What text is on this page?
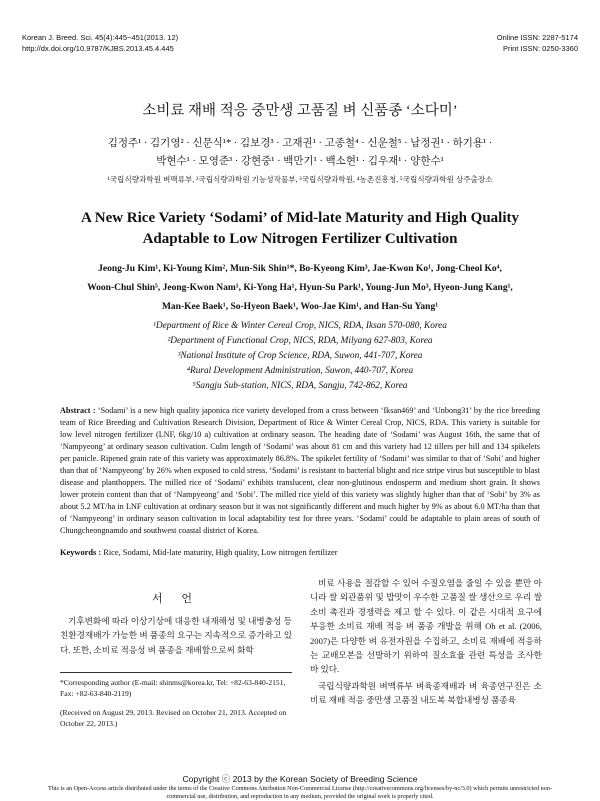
Korean J. Breed. Sci. 45(4):445~451(2013. 12)
http://dx.doi.org/10.9787/KJBS.2013.45.4.445
Online ISSN: 2287-5174
Print ISSN: 0250-3360
소비료 재배 적응 중만생 고품질 벼 신품종 ‘소다미’
김정주¹ · 김기영² · 신문식¹* · 김보경³ · 고재권¹ · 고종철⁴ · 신운철⁵ · 남정권¹ · 하기용¹ ·
박현수¹ · 모영준³ · 강현중¹ · 백만기¹ · 백소현¹ · 김우재¹ · 양한수¹
¹국립식량과학원 벼맥류부, ²국립식량과학원 기능성작물부, ³국립식량과학원, ⁴농촌진흥청, ⁵국립식량과학원 상주출장소
A New Rice Variety ‘Sodami’ of Mid-late Maturity and High Quality
Adaptable to Low Nitrogen Fertilizer Cultivation
Jeong-Ju Kim¹, Ki-Young Kim², Mun-Sik Shin¹*, Bo-Kyeong Kim³, Jae-Kwon Ko¹, Jong-Cheol Ko⁴,
Woon-Chul Shin⁵, Jeong-Kwon Nam¹, Ki-Yong Ha¹, Hyun-Su Park¹, Young-Jun Mo³, Hyeon-Jung Kang¹,
Man-Kee Baek¹, So-Hyeon Baek¹, Woo-Jae Kim¹, and Han-Su Yang¹
¹Department of Rice & Winter Cereal Crop, NICS, RDA, Iksan 570-080, Korea
²Department of Functional Crop, NICS, RDA, Milyang 627-803, Korea
³National Institute of Crop Science, RDA, Suwon, 441-707, Korea
⁴Rural Development Administration, Suwon, 440-707, Korea
⁵Sangju Sub-station, NICS, RDA, Sangju, 742-862, Korea
Abstract : ‘Sodami’ is a new high quality japonica rice variety developed from a cross between ‘Iksan469’ and ‘Unbong31’ by the rice breeding team of Rice Breeding and Cultivation Research Division, Department of Rice & Winter Cereal Crop, NICS, RDA. This variety is suitable for low level nitrogen fertilizer (LNF, 6kg/10 a) cultivation at ordinary season. The heading date of ‘Sodami’ was August 16th, the same that of ‘Nampyeong’ at ordinary season cultivation. Culm length of ‘Sodami’ was about 81 cm and this variety had 12 tillers per hill and 134 spikelets per panicle. Ripened grain rate of this variety was approximately 86.8%. The spikelet fertility of ‘Sodami’ was similar to that of ‘Sobi’ and higher than that of ‘Nampyeong’ by 26% when exposed to cold stress. ‘Sodami’ is resistant to bacterial blight and rice stripe virus but susceptible to blast disease and planthoppers. The milled rice of ‘Sodami’ exhibits translucent, clear non-glutinous endosperm and medium short grain. It shows lower protein content than that of ‘Nampyeong’ and ‘Sobi’. The milled rice yield of this variety was slightly higher than that of ‘Sobi’ by 3% as about 5.2 MT/ha in LNF cultivation at ordinary season but it was not significantly different and much higher by 9% as about 6.0 MT/ha than that of ‘Nampyeong’ in ordinary season cultivation in local adaptability test for three years. ‘Sodami’ could be adaptable to plain areas of south of Chungcheongnamdo and southwest coastal district of Korea.
Keywords : Rice, Sodami, Mid-late maturity, High quality, Low nitrogen fertilizer
서 언
기후변화에 따라 이상기상에 대응한 내재해성 및 내병충성 등 친환경재배가 가능한 벼 품종의 요구는 지속적으로 증가하고 있다. 또한, 소비료 적응성 벼 품종을 재배함으로써 화학
비료 사용을 절감할 수 있어 수질오염을 줄일 수 있을 뿐만 아니라 쌀 외관품위 및 밥맛이 우수한 고품질 쌀 생산으로 우리 쌀 소비 촉진과 경쟁력을 제고 할 수 있다. 이 같은 시대적 요구에 부응한 소비료 재배 적응 벼 품종 개발을 위해 Oh et al. (2006, 2007)은 다양한 벼 유전자원을 수집하고, 소비료 재배에 적응하는 교배모본을 선발하기 위하여 질소효율 관련 특성을 조사한 바 있다.
국립식량과학원 벼맥류부 벼육종재배과 벼 육종연구진은 소비료 재배 적응 중만생 고품질 내도복 복합내병성 품종육

*Corresponding author (E-mail: shinms@korea.kr, Tel: +82-63-840-2151, Fax: +82-63-840-2119)

(Received on August 29, 2013. Revised on October 21, 2013. Accepted on October 22, 2013.)

Copyright ⓒ 2013 by the Korean Society of Breeding Science
This is an Open-Access article distributed under the terms of the Creative Commons Attribution Non-Commercial License (http://creativecommons.org/licenses/by-nc/3.0) which permits unrestricted non-commercial use, distribution, and reproduction in any medium, provided the original work is properly cited.
